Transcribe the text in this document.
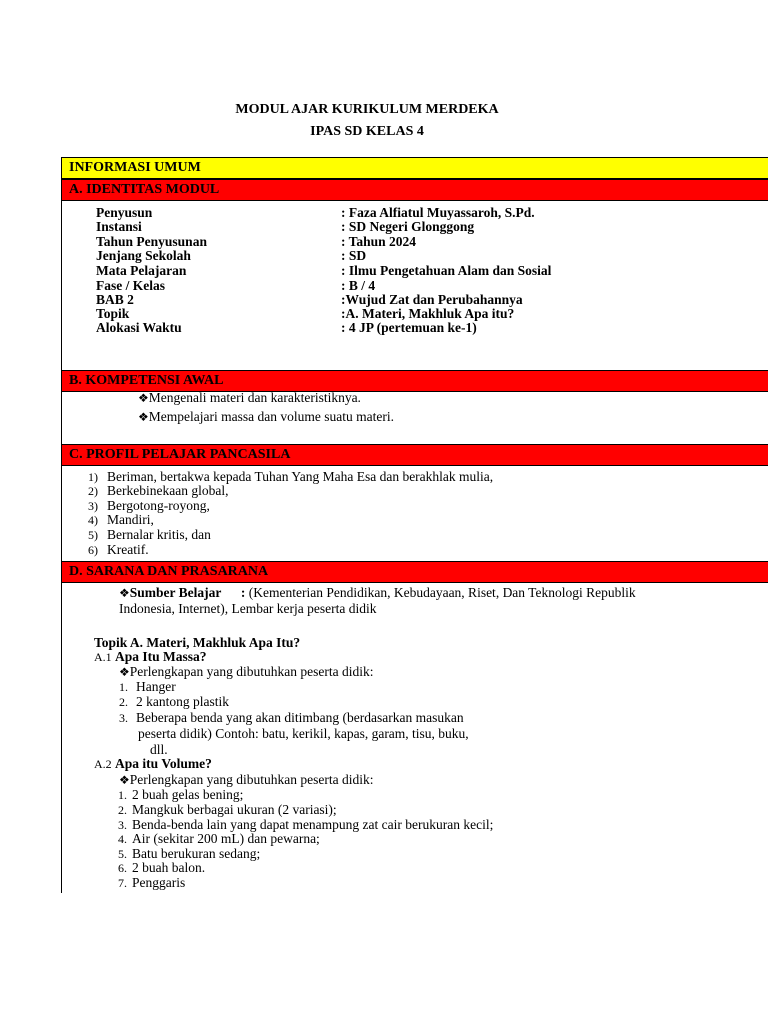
MODUL AJAR KURIKULUM MERDEKA
IPAS SD KELAS 4
INFORMASI UMUM
A. IDENTITAS MODUL
Penyusun	: Faza Alfiatul Muyassaroh, S.Pd.
Instansi	: SD Negeri Glonggong
Tahun Penyusunan	: Tahun 2024
Jenjang Sekolah	: SD
Mata Pelajaran	: Ilmu Pengetahuan Alam dan Sosial
Fase / Kelas	: B / 4
BAB 2	:Wujud Zat dan Perubahannya
Topik	:A. Materi, Makhluk Apa itu?
Alokasi Waktu	: 4 JP (pertemuan ke-1)
B. KOMPETENSI AWAL
❖Mengenali materi dan karakteristiknya.
❖Mempelajari massa dan volume suatu materi.
C. PROFIL PELAJAR PANCASILA
1) Beriman, bertakwa kepada Tuhan Yang Maha Esa dan berakhlak mulia,
2) Berkebinekaan global,
3) Bergotong-royong,
4) Mandiri,
5) Bernalar kritis, dan
6) Kreatif.
D. SARANA DAN PRASARANA
❖Sumber Belajar : (Kementerian Pendidikan, Kebudayaan, Riset, Dan Teknologi Republik
Indonesia, Internet), Lembar kerja peserta didik
Topik A. Materi, Makhluk Apa Itu?
A.1 Apa Itu Massa?
❖Perlengkapan yang dibutuhkan peserta didik:
1. Hanger
2. 2 kantong plastik
3. Beberapa benda yang akan ditimbang (berdasarkan masukan
peserta didik) Contoh: batu, kerikil, kapas, garam, tisu, buku,
dll.
A.2 Apa itu Volume?
❖Perlengkapan yang dibutuhkan peserta didik:
1. 2 buah gelas bening;
2. Mangkuk berbagai ukuran (2 variasi);
3. Benda-benda lain yang dapat menampung zat cair berukuran kecil;
4. Air (sekitar 200 mL) dan pewarna;
5. Batu berukuran sedang;
6. 2 buah balon.
7. Penggaris
